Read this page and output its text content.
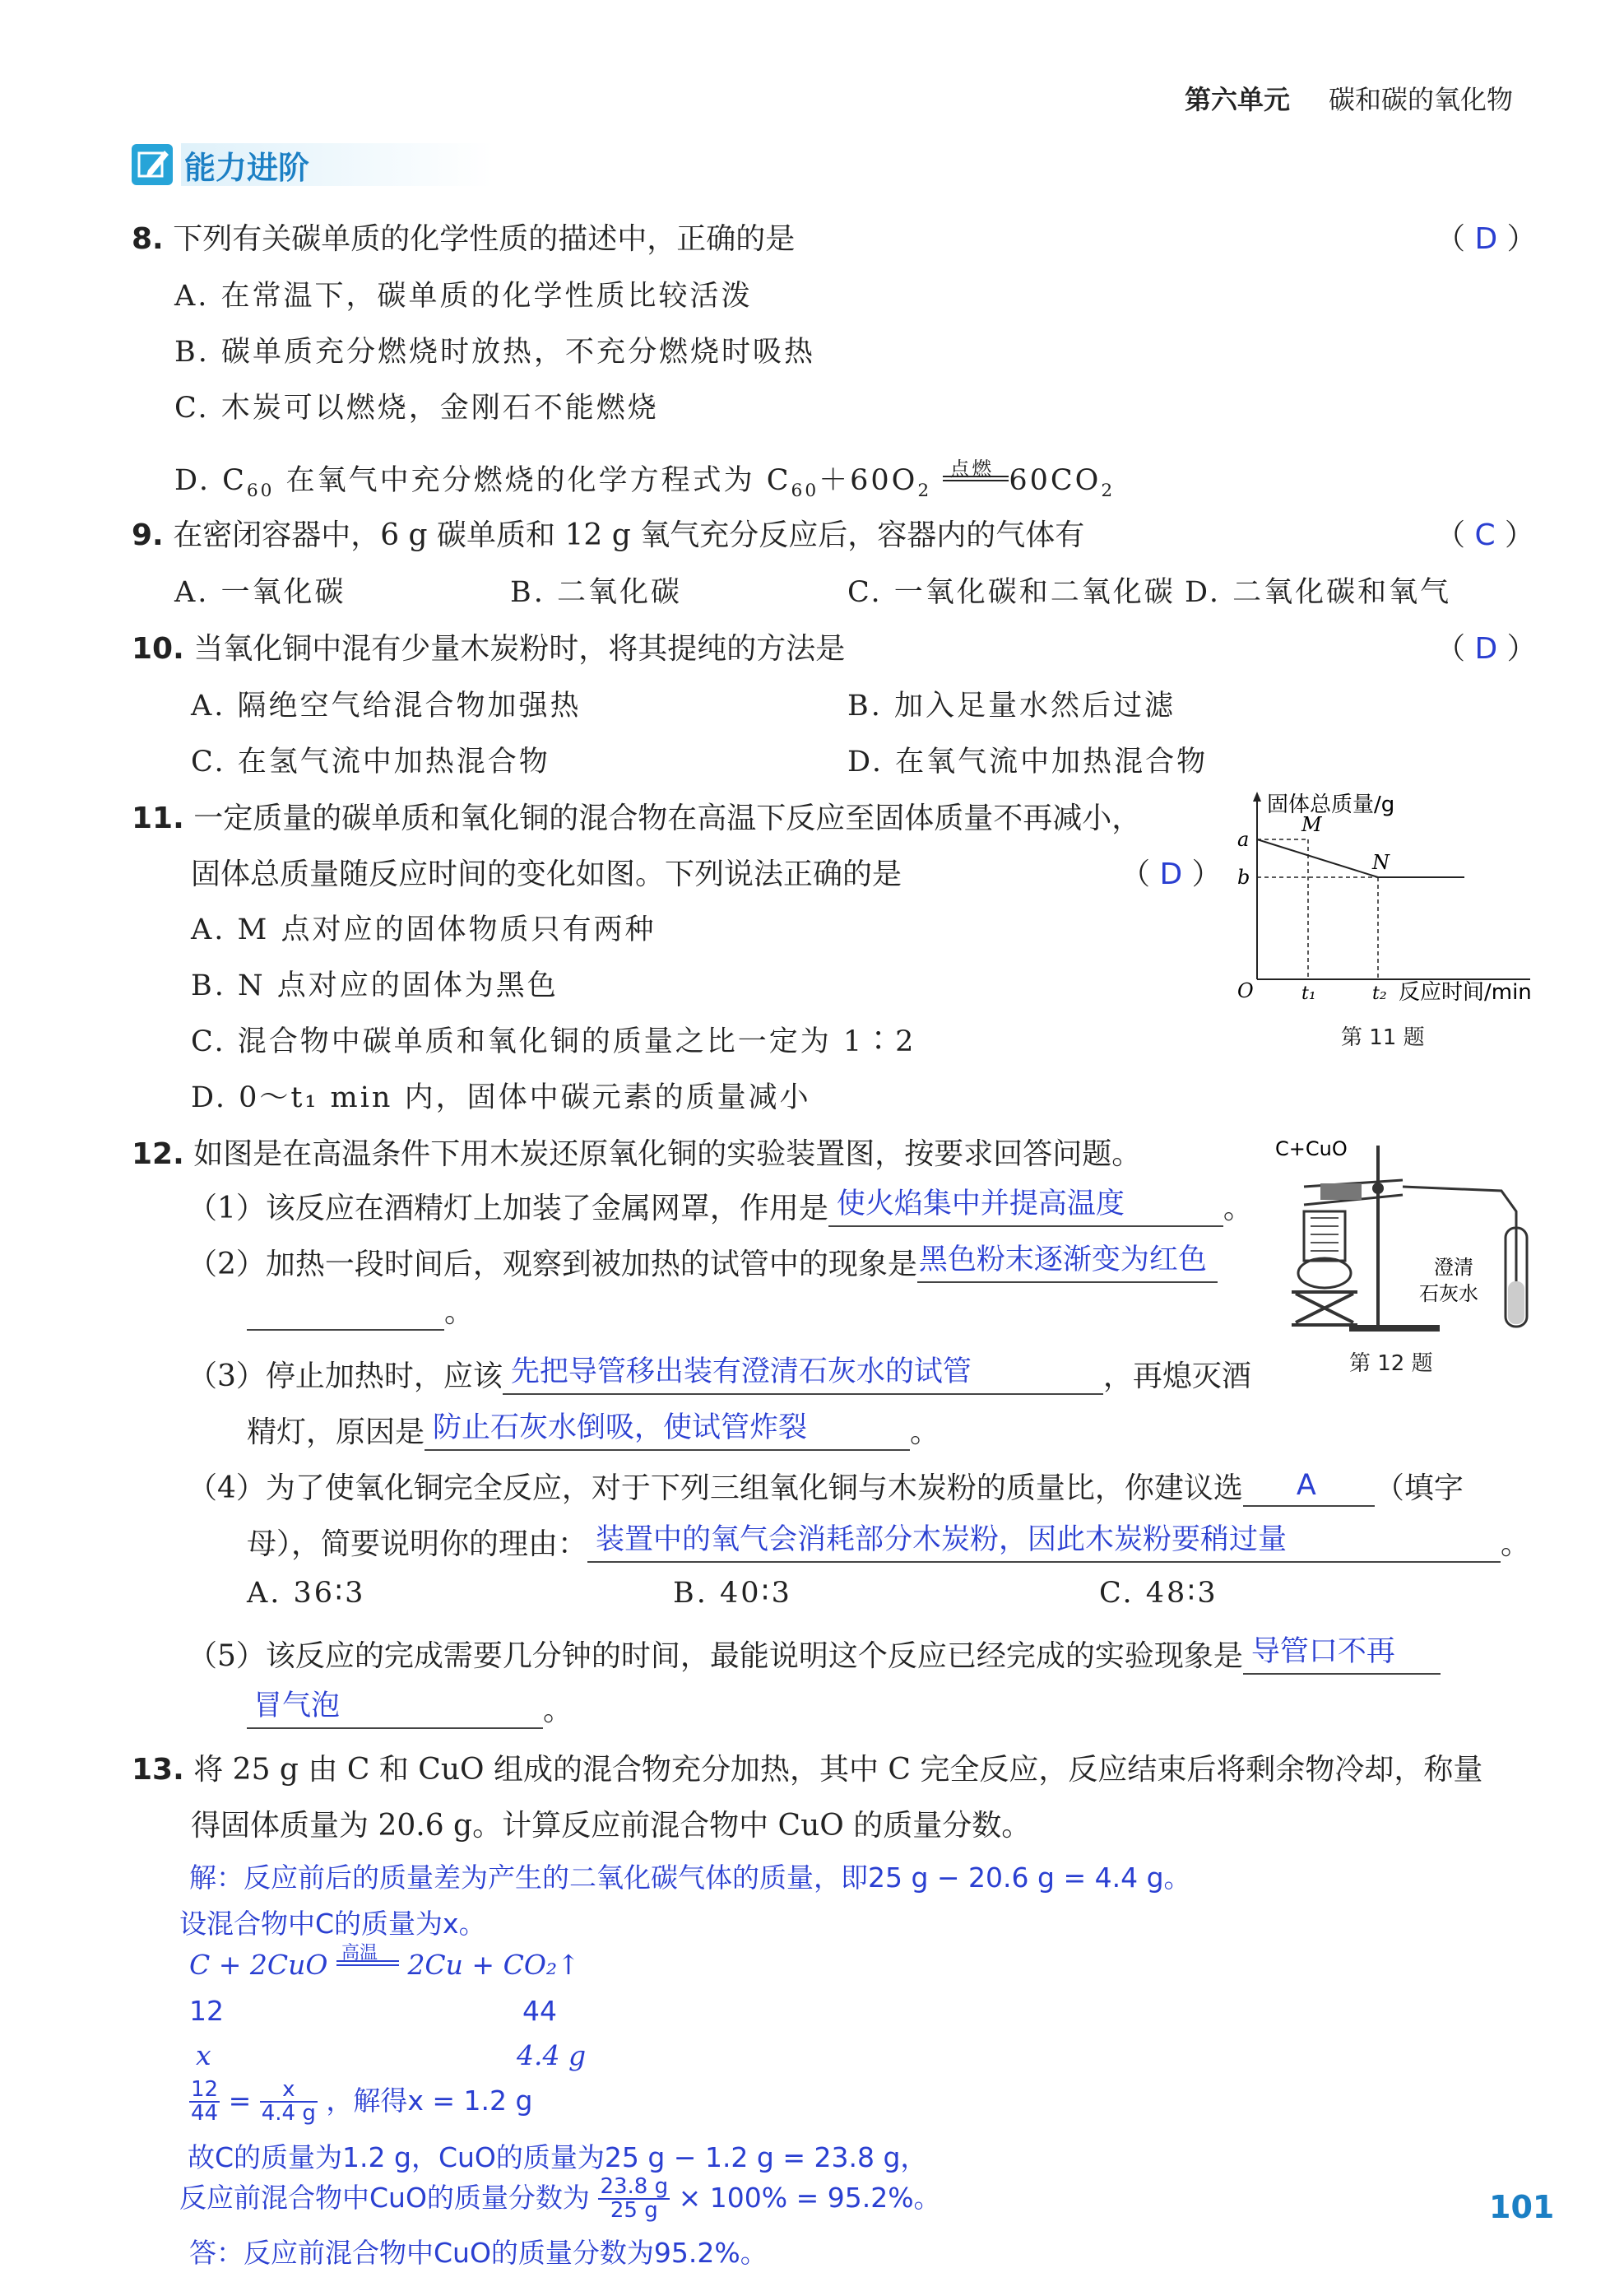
第六单元 碳和碳的氧化物
能力进阶
8. 下列有关碳单质的化学性质的描述中，正确的是	（ D ）
A. 在常温下，碳单质的化学性质比较活泼
B. 碳单质充分燃烧时放热，不充分燃烧时吸热
C. 木炭可以燃烧，金刚石不能燃烧
D. $C_{60}$ 在氧气中充分燃烧的化学方程式为 $C_{60}+60O_2$
点燃 $60CO_2$
9. 在密闭容器中，6 g 碳单质和 12 g 氧气充分反应后，容器内的气体有	（ C ）
A. 一氧化碳	B. 二氧化碳	C. 一氧化碳和二氧化碳 D. 二氧化碳和氧气
10. 当氧化铜中混有少量木炭粉时，将其提纯的方法是	（ D ）
A. 隔绝空气给混合物加强热	B. 加入足量水然后过滤
C. 在氢气流中加热混合物	D. 在氧气流中加热混合物
11. 一定质量的碳单质和氧化铜的混合物在高温下反应至固体质量不再减小，
固体总质量随反应时间的变化如图。下列说法正确的是	（ D ）
A. M 点对应的固体物质只有两种
B. N 点对应的固体为黑色
C. 混合物中碳单质和氧化铜的质量之比一定为 1∶2
D. 0～t₁ min 内，固体中碳元素的质量减小
固体总质量/g
a
b
M
N
O	t₁	t₂ 反应时间/min
第 11 题
12. 如图是在高温条件下用木炭还原氧化铜的实验装置图，按要求回答问题。
（1）该反应在酒精灯上加装了金属网罩，作用是 使火焰集中并提高温度	。
（2）加热一段时间后，观察到被加热的试管中的现象是 黑色粉末逐渐变为红色
。
（3）停止加热时，应该 先把导管移出装有澄清石灰水的试管	，再熄灭酒
精灯，原因是 防止石灰水倒吸，使试管炸裂	。
（4）为了使氧化铜完全反应，对于下列三组氧化铜与木炭粉的质量比，你建议选 A （填字
母），简要说明你的理由： 装置中的氧气会消耗部分木炭粉，因此木炭粉要稍过量	。
A. 36∶3	B. 40∶3	C. 48∶3
（5）该反应的完成需要几分钟的时间，最能说明这个反应已经完成的实验现象是 导管口不再
冒气泡	。
C+CuO
澄清
石灰水
第 12 题
13. 将 25 g 由 C 和 CuO 组成的混合物充分加热，其中 C 完全反应，反应结束后将剩余物冷却，称量
得固体质量为 20.6 g。计算反应前混合物中 CuO 的质量分数。
解：反应前后的质量差为产生的二氧化碳气体的质量，即25 g − 20.6 g = 4.4 g。
设混合物中C的质量为x。
C + 2CuO 高温 2Cu + CO₂↑
12	44
x	4.4 g
$\frac{12}{44} = \frac{x}{4.4 g}$ ，解得x = 1.2 g
故C的质量为1.2 g，CuO的质量为25 g − 1.2 g = 23.8 g，
反应前混合物中CuO的质量分数为 $\frac{23.8 g}{25 g} \times 100\% = 95.2\%$。
答：反应前混合物中CuO的质量分数为95.2%。
101
